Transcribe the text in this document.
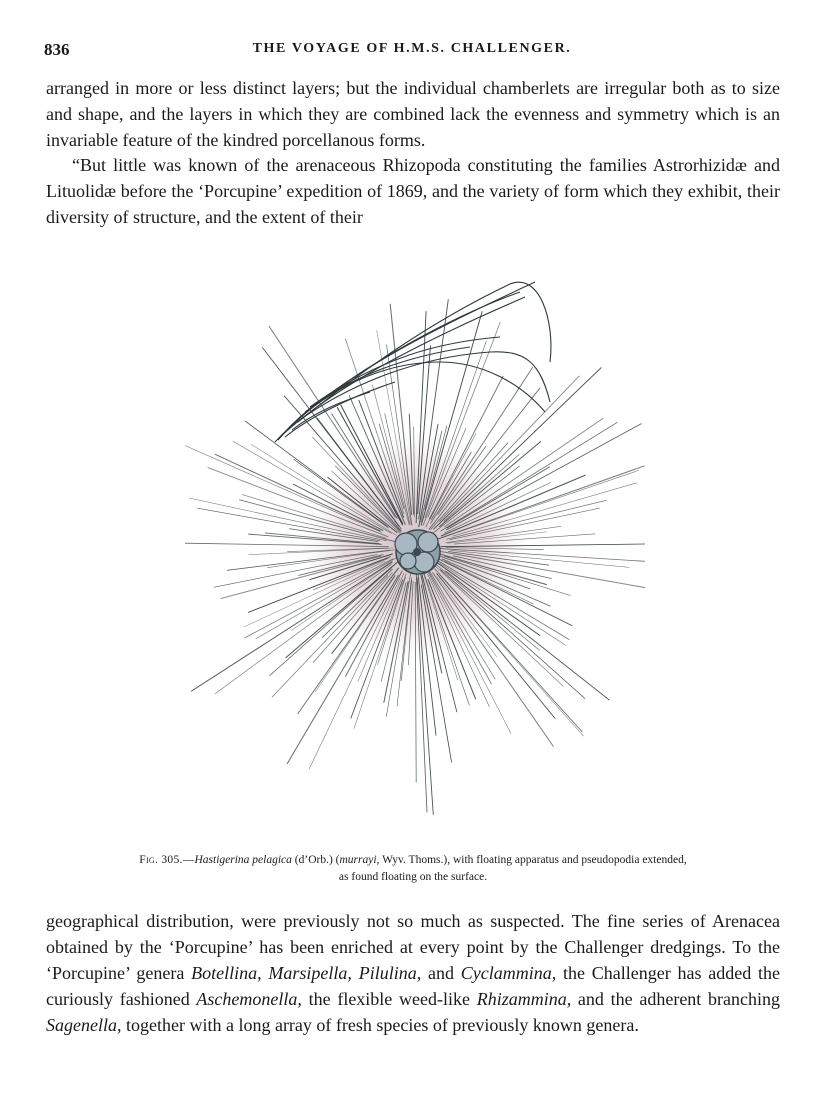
836	THE VOYAGE OF H.M.S. CHALLENGER.

arranged in more or less distinct layers; but the individual chamberlets are irregular both as to size and shape, and the layers in which they are combined lack the evenness and symmetry which is an invariable feature of the kindred porcellanous forms.

“But little was known of the arenaceous Rhizopoda constituting the families Astrorhizidæ and Lituolidæ before the ‘Porcupine’ expedition of 1869, and the variety of form which they exhibit, their diversity of structure, and the extent of their

Fig. 305.—Hastigerina pelagica (d’Orb.) (murrayi, Wyv. Thoms.), with floating apparatus and pseudopodia extended,
as found floating on the surface.

geographical distribution, were previously not so much as suspected. The fine series of Arenacea obtained by the ‘Porcupine’ has been enriched at every point by the Challenger dredgings. To the ‘Porcupine’ genera Botellina, Marsipella, Pilulina, and Cyclammina, the Challenger has added the curiously fashioned Aschemonella, the flexible weed-like Rhizammina, and the adherent branching Sagenella, together with a long array of fresh species of previously known genera.
